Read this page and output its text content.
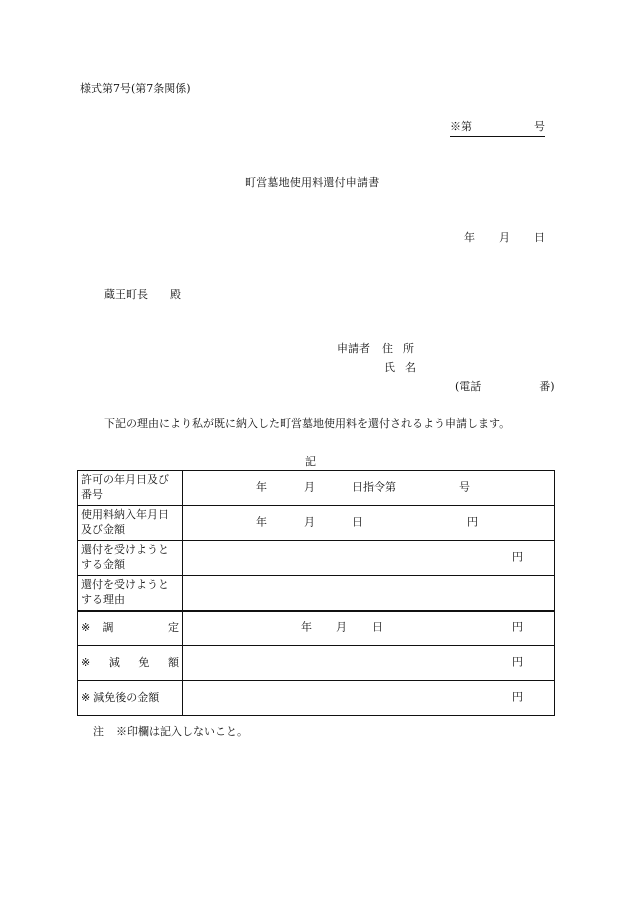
様式第7号(第7条関係)
※第	号
町営墓地使用料還付申請書
年 月 日
蔵王町長 殿
申請者 住 所
氏 名
(電話	番)
下記の理由により私が既に納入した町営墓地使用料を還付されるよう申請します。
記
許可の年月日及び番号	年 月 日指令第 号

使用料納入年月日及び金額	年 月 日 円

還付を受けようとする金額	円

還付を受けようとする理由	

※ 調 定	年 月 日 円

※ 減 免 額	円

※ 減免後の金額	円
注 ※印欄は記入しないこと。
